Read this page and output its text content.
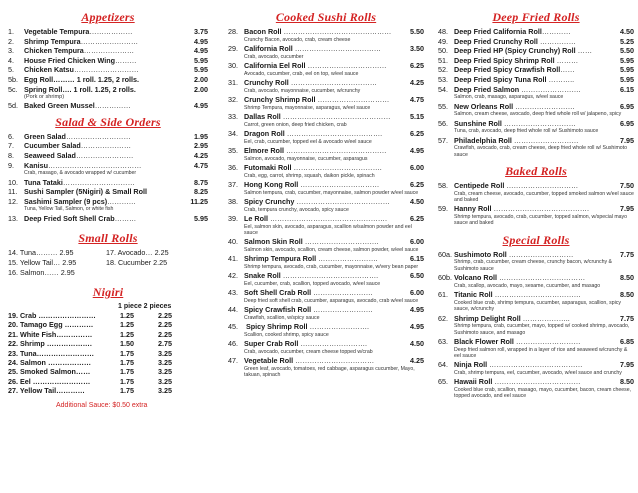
Appetizers
1. Vegetable Tempura………………	3.75
2. Shrimp Tempura……………………	4.95
3. Chicken Tempura…………………	4.95
4. House Fried Chicken Wing………	5.95
5. Chicken Katsu………………………	5.95
5b. Egg Roll……… 1 roll. 1.25, 2 rolls.	2.00
5c. Spring Roll…. 1 roll. 1.25, 2 rolls.	2.00
(Pork or shrimp)
5d. Baked Green Mussel……………	4.95
Salad & Side Orders
6. Green Salad………………………	1.95
7. Cucumber Salad…………………	2.95
8. Seaweed Salad……………………	4.25
9. Kanisu…………………………………	4.75
Crab, masago, & avocado wrapped w/ cucumber
10. Tuna Tataki…………………………	8.75
11. Sushi Sampler (5Nigiri) & Small Roll	8.25
12. Sashimi Sampler (9 pcs)…………	11.25
Tuna, Yellow Tail, Salmon, or white fish
13. Deep Fried Soft Shell Crab………	5.95
Small Rolls
14. Tuna……… 2.95	17. Avocado… 2.25
15. Yellow Tail… 2.95	18. Cucumber 2.25
16. Salmon…… 2.95
Nigiri
1 piece 2 pieces
19. Crab ……………………	1.25	2.25
20. Tamago Egg …………	1.25	2.25
21. White Fish……………	1.25	2.25
22. Shrimp ……………….	1.50	2.75
23. Tuna……………………	1.75	3.25
24. Salmon ………………	1.75	3.25
25. Smoked Salmon……	1.75	3.25
26. Eel ……………………	1.75	3.25
27. Yellow Tail…………	1.75	3.25
Additional Sauce: $0.50 extra
Cooked Sushi Rolls
28. Bacon Roll ………………………………………	5.50
Crunchy Bacon, avocado, crab, cream cheese
29. California Roll ………………………………	3.50
Crab, avocado, cucumber
30. California Eel Roll ……………………………	6.25
Avocado, cucumber, crab, eel on top, w/eel sauce
31. Crunchy Roll ………………………………	4.25
Crab, avocado, mayonnaise, cucumber, w/crunchy
32. Crunchy Shrimp Roll …………………………	4.75
Shrimp Tempura, mayonnaise, asparagus, w/eel sauce
33. Dallas Roll ………………………………………	5.15
Carrot, green onion, deep fried chicken, crab
34. Dragon Roll ………………………………….	6.25
Eel, crab, cucumber, topped eel & avocado w/eel sauce
35. Elmore Roll ……………………………………	4.95
Salmon, avocado, mayonnaise, cucumber, asparagus
36. Futomaki Roll ……………………………….	6.00
Crab, egg, carrot, shrimp, squash, daikon pickle, spinach
37. Hong Kong Roll ……………………………	6.25
Salmon tempura, crab, cucumber, mayonnaise, salmon powder w/eel sauce
38. Spicy Crunchy …………………………………	4.50
Crab, tempura crunchy, avocado, spicy sauce
39. Le Roll ………………………………………….	6.25
Eel, salmon skin, avocado, asparagus, scallion w/salmon powder and eel sauce
40. Salmon Skin Roll ………………………….	6.00
Salmon skin, avocado, scallion, cream cheese, salmon powder, w/eel sauce
41. Shrimp Tempura Roll …………………….	6.15
Shrimp tempura, avocado, crab, cucumber, mayonnaise, w/very bean paper
42. Snake Roll ………………………………….	6.50
Eel, cucumber, crab, scallion, topped avocado, w/eel sauce
43. Soft Shell Crab Roll …………………….	6.00
Deep fried soft shell crab, cucumber, asparagus, avocado, crab w/eel sauce
44. Spicy Crawfish Roll …………………….	4.95
Crawfish, scallion, w/spicy sauce
45. Spicy Shrimp Roll …………………….	4.95
Scallion, cooked shrimp, spicy sauce
46. Super Crab Roll ……………………….	4.50
Crab, avocado, cucumber, cream cheese topped w/crab
47. Vegetable Roll ……………………………	4.25
Green leaf, avocado, tomatoes, red cabbage, asparagus cucumber, Mayo, takuan, spinach
Deep Fried Rolls
48. Deep Fried California Roll…………	4.50
49. Deep Fried Crunchy Roll ……………	5.25
50. Deep Fried HP (Spicy Crunchy) Roll ……	5.50
51. Deep Fried Spicy Shrimp Roll ………	5.95
52. Deep Fried Spicy Crawfish Roll……	5.95
53. Deep Fried Spicy Tuna Roll ………..	5.95
54. Deep Fried Salmon …………………….	6.15
Salmon, crab, masago, asparagus, w/eel sauce
55. New Orleans Roll …………………….	6.95
Salmon, cream cheese, avocado, deep fried whole roll w/ jalapeno, spicy
56. Sunshine Roll …………………………	6.95
Tuna, crab, avocado, deep fried whole roll w/ Sushimoto sauce
57. Philadelphia Roll ………………………	7.95
Crawfish, avocado, crab, cream cheese, deep fried whole roll w/ Sushimoto sauce
Baked Rolls
58. Centipede Roll …………………………	7.50
Crab, cream cheese, avocado, cucumber, topped smoked salmon w/eel sauce and baked
59. Hanny Roll ………………………………….	7.95
Shrimp tempura, avocado, crab, cucumber, topped salmon, w/special mayo sauce and baked
Special Rolls
60a. Sushimoto Roll ………………………	7.75
Shrimp, crab, cucumber, cream cheese, crunchy bacon, w/crunchy & Sushimoto sauce
60b. Volcano Roll ………………………………	8.50
Crab, scallop, avocado, mayo, sesame, cucumber, and masago
61. Titanic Roll ………………………………	8.50
Cooked blue crab, shrimp tempura, cucumber, asparagus, scallion, spicy sauce, w/crunchy
62. Shrimp Delight Roll ………………..	7.75
Shrimp tempura, crab, cucumber, mayo, topped w/ cooked shrimp, avocado, Sushimoto sauce, and masago
63. Black Flower Roll ………………………	6.85
Deep fried salmon roll, wrapped in a layer of rice and seaweed w/crunchy & eel sauce
64. Ninja Roll …………………………………	7.95
Crab, shrimp tempura, eel, cucumber, avocado, w/eel sauce and crunchy
65. Hawaii Roll ………………………………	8.50
Cooked blue crab, scallion, masago, mayo, cucumber, bacon, cream cheese, topped avocado, and eel sauce
